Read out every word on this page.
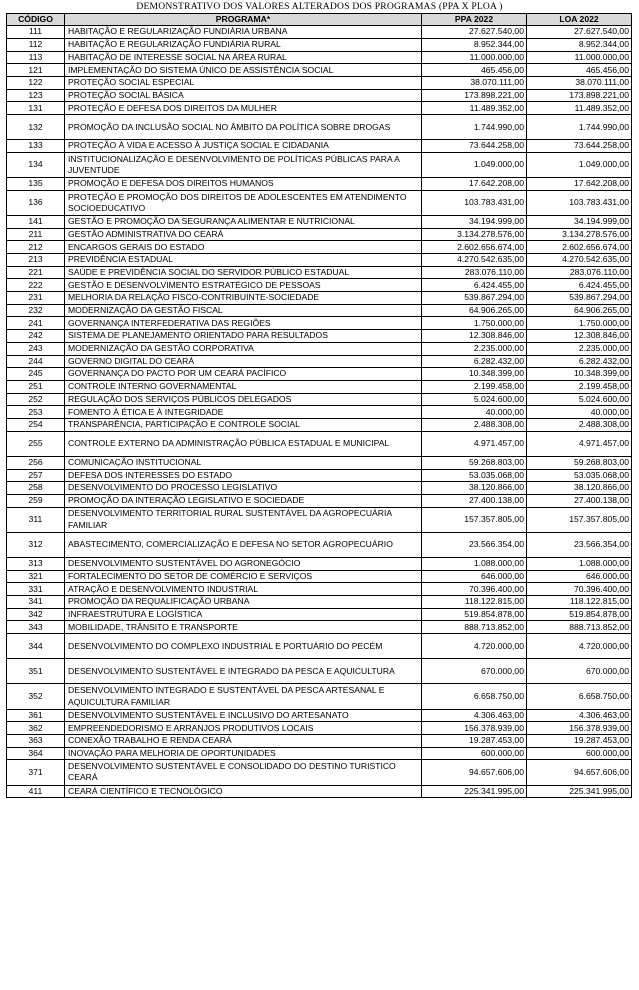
DEMONSTRATIVO DOS VALORES ALTERADOS DOS PROGRAMAS (PPA X PLOA )
CÓDIGO	PROGRAMA*	PPA 2022	LOA 2022
111	HABITAÇÃO E REGULARIZAÇÃO FUNDIÁRIA URBANA	27.627.540,00	27.627.540,00
112	HABITAÇÃO E REGULARIZAÇÃO FUNDIÁRIA RURAL	8.952.344,00	8.952.344,00
113	HABITAÇÃO DE INTERESSE SOCIAL NA ÁREA RURAL	11.000.000,00	11.000.000,00
121	IMPLEMENTAÇÃO DO SISTEMA ÚNICO DE ASSISTÊNCIA SOCIAL	465.456,00	465.456,00
122	PROTEÇÃO SOCIAL ESPECIAL	38.070.111,00	38.070.111,00
123	PROTEÇÃO SOCIAL BÁSICA	173.898.221,00	173.898.221,00
131	PROTEÇÃO E DEFESA DOS DIREITOS DA MULHER	11.489.352,00	11.489.352,00
132	PROMOÇÃO DA INCLUSÃO SOCIAL NO ÂMBITO DA POLÍTICA SOBRE DROGAS	1.744.990,00	1.744.990,00
133	PROTEÇÃO À VIDA E ACESSO À JUSTIÇA SOCIAL E CIDADANIA	73.644.258,00	73.644.258,00
134	INSTITUCIONALIZAÇÃO E DESENVOLVIMENTO DE POLÍTICAS PÚBLICAS PARA A JUVENTUDE	1.049.000,00	1.049.000,00
135	PROMOÇÃO E DEFESA DOS DIREITOS HUMANOS	17.642.208,00	17.642.208,00
136	PROTEÇÃO E PROMOÇÃO DOS DIREITOS DE ADOLESCENTES EM ATENDIMENTO SOCIOEDUCATIVO	103.783.431,00	103.783.431,00
141	GESTÃO E PROMOÇÃO DA SEGURANÇA ALIMENTAR E NUTRICIONAL	34.194.999,00	34.194.999,00
211	GESTÃO ADMINISTRATIVA DO CEARÁ	3.134.278.576,00	3.134.278.576,00
212	ENCARGOS GERAIS DO ESTADO	2.602.656.674,00	2.602.656.674,00
213	PREVIDÊNCIA ESTADUAL	4.270.542.635,00	4.270.542.635,00
221	SAÚDE E PREVIDÊNCIA SOCIAL DO SERVIDOR PÚBLICO ESTADUAL	283.076.110,00	283.076.110,00
222	GESTÃO E DESENVOLVIMENTO ESTRATÉGICO DE PESSOAS	6.424.455,00	6.424.455,00
231	MELHORIA DA RELAÇÃO FISCO-CONTRIBUINTE-SOCIEDADE	539.867.294,00	539.867.294,00
232	MODERNIZAÇÃO DA GESTÃO FISCAL	64.906.265,00	64.906.265,00
241	GOVERNANÇA INTERFEDERATIVA DAS REGIÕES	1.750.000,00	1.750.000,00
242	SISTEMA DE PLANEJAMENTO ORIENTADO PARA RESULTADOS	12.308.846,00	12.308.846,00
243	MODERNIZAÇÃO DA GESTÃO CORPORATIVA	2.235.000,00	2.235.000,00
244	GOVERNO DIGITAL DO CEARÁ	6.282.432,00	6.282.432,00
245	GOVERNANÇA DO PACTO POR UM CEARÁ PACÍFICO	10.348.399,00	10.348.399,00
251	CONTROLE INTERNO GOVERNAMENTAL	2.199.458,00	2.199.458,00
252	REGULAÇÃO DOS SERVIÇOS PÚBLICOS DELEGADOS	5.024.600,00	5.024.600,00
253	FOMENTO À ÉTICA E À INTEGRIDADE	40.000,00	40.000,00
254	TRANSPARÊNCIA, PARTICIPAÇÃO E CONTROLE SOCIAL	2.488.308,00	2.488.308,00
255	CONTROLE EXTERNO DA ADMINISTRAÇÃO PÚBLICA ESTADUAL E MUNICIPAL	4.971.457,00	4.971.457,00
256	COMUNICAÇÃO INSTITUCIONAL	59.268.803,00	59.268.803,00
257	DEFESA DOS INTERESSES DO ESTADO	53.035.068,00	53.035.068,00
258	DESENVOLVIMENTO DO PROCESSO LEGISLATIVO	38.120.866,00	38.120.866,00
259	PROMOÇÃO DA INTERAÇÃO LEGISLATIVO E SOCIEDADE	27.400.138,00	27.400.138,00
311	DESENVOLVIMENTO TERRITORIAL RURAL SUSTENTÁVEL DA AGROPECUÁRIA FAMILIAR	157.357.805,00	157.357.805,00
312	ABASTECIMENTO, COMERCIALIZAÇÃO E DEFESA NO SETOR AGROPECUÁRIO	23.566.354,00	23.566.354,00
313	DESENVOLVIMENTO SUSTENTÁVEL DO AGRONEGÓCIO	1.088.000,00	1.088.000,00
321	FORTALECIMENTO DO SETOR DE COMÉRCIO E SERVIÇOS	646.000,00	646.000,00
331	ATRAÇÃO E DESENVOLVIMENTO INDUSTRIAL	70.396.400,00	70.396.400,00
341	PROMOÇÃO DA REQUALIFICAÇÃO URBANA	118.122.815,00	118.122.815,00
342	INFRAESTRUTURA E LOGÍSTICA	519.854.878,00	519.854.878,00
343	MOBILIDADE, TRÂNSITO E TRANSPORTE	888.713.852,00	888.713.852,00
344	DESENVOLVIMENTO DO COMPLEXO INDUSTRIAL E PORTUÁRIO DO PECÉM	4.720.000,00	4.720.000,00
351	DESENVOLVIMENTO SUSTENTÁVEL E INTEGRADO DA PESCA E AQUICULTURA	670.000,00	670.000,00
352	DESENVOLVIMENTO INTEGRADO E SUSTENTÁVEL DA PESCA ARTESANAL E AQUICULTURA FAMILIAR	6.658.750,00	6.658.750,00
361	DESENVOLVIMENTO SUSTENTÁVEL E INCLUSIVO DO ARTESANATO	4.306.463,00	4.306.463,00
362	EMPREENDEDORISMO E ARRANJOS PRODUTIVOS LOCAIS	156.378.939,00	156.378.939,00
363	CONEXÃO TRABALHO E RENDA CEARÁ	19.287.453,00	19.287.453,00
364	INOVAÇÃO PARA MELHORIA DE OPORTUNIDADES	600.000,00	600.000,00
371	DESENVOLVIMENTO SUSTENTÁVEL E CONSOLIDADO DO DESTINO TURISTICO CEARÁ	94.657.606,00	94.657.606,00
411	CEARÁ CIENTÍFICO E TECNOLÓGICO	225.341.995,00	225.341.995,00
